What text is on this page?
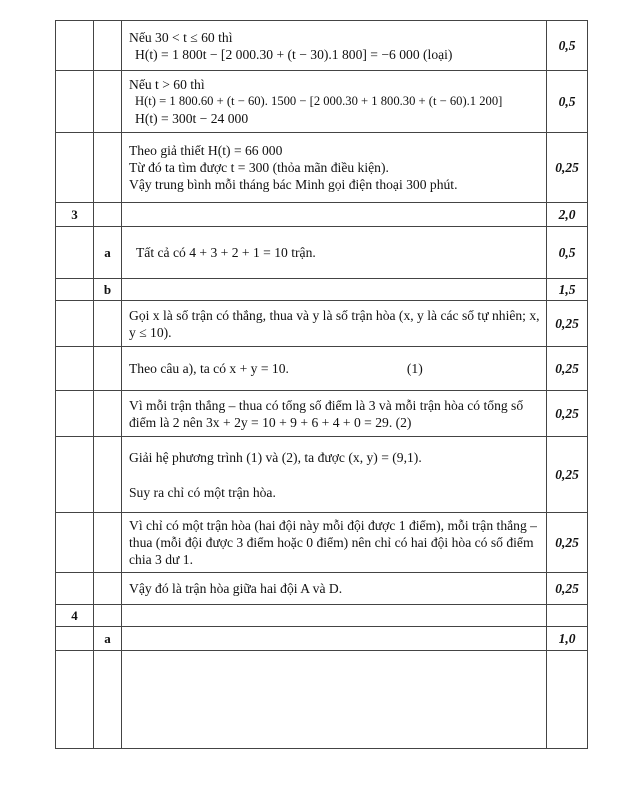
		Nếu 30 < t ≤ 60 thì
H(t) = 1 800t − [2 000.30 + (t − 30).1 800] = −6 000 (loại)	0,5

		Nếu t > 60 thì
H(t) = 1 800.60 + (t − 60). 1500 − [2 000.30 + 1 800.30 + (t − 60).1 200]
H(t) = 300t − 24 000	0,5

		Theo giả thiết H(t) = 66 000
Từ đó ta tìm được t = 300 (thỏa mãn điều kiện).
Vậy trung bình mỗi tháng bác Minh gọi điện thoại 300 phút.	0,25
3			2,0
	a	Tất cả có 4 + 3 + 2 + 1 = 10 trận.	0,5
	b		1,5

		Gọi x là số trận có thắng, thua và y là số trận hòa (x, y là các số tự nhiên; x, y ≤ 10).	0,25

		Theo câu a), ta có x + y = 10. (1)	0,25

		Vì mỗi trận thắng – thua có tổng số điểm là 3 và mỗi trận hòa có tổng số điểm là 2 nên 3x + 2y = 10 + 9 + 6 + 4 + 0 = 29. (2)	0,25

		Giải hệ phương trình (1) và (2), ta được (x, y) = (9,1).
Suy ra chỉ có một trận hòa.	0,25

		Vì chỉ có một trận hòa (hai đội này mỗi đội được 1 điểm), mỗi trận thắng – thua (mỗi đội được 3 điểm hoặc 0 điểm) nên chỉ có hai đội hòa có số điểm chia 3 dư 1.	0,25

		Vậy đó là trận hòa giữa hai đội A và D.	0,25
4			
	a		1,0
